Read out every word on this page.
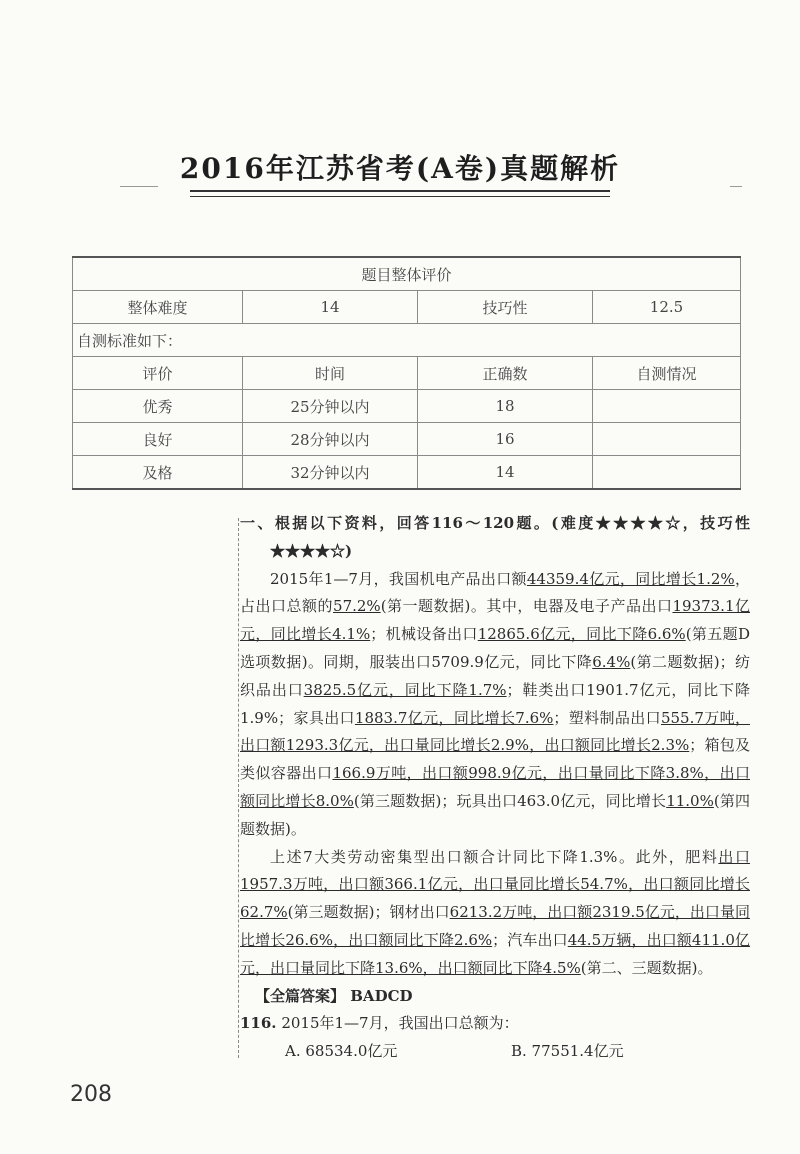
2016年江苏省考(A卷)真题解析
题目整体评价			
整体难度	14	技巧性	12.5
自测标准如下：			
评价	时间	正确数	自测情况
优秀	25分钟以内	18	
良好	28分钟以内	16	
及格	32分钟以内	14	

一、根据以下资料，回答116～120题。(难度★★★★☆，技巧性★★★★☆)

2015年1—7月，我国机电产品出口额44359.4亿元，同比增长1.2%，占出口总额的57.2%(第一题数据)。其中，电器及电子产品出口19373.1亿元，同比增长4.1%；机械设备出口12865.6亿元，同比下降6.6%(第五题D选项数据)。同期，服装出口5709.9亿元，同比下降6.4%(第二题数据)；纺织品出口3825.5亿元，同比下降1.7%；鞋类出口1901.7亿元，同比下降1.9%；家具出口1883.7亿元，同比增长7.6%；塑料制品出口555.7万吨，出口额1293.3亿元，出口量同比增长2.9%，出口额同比增长2.3%；箱包及类似容器出口166.9万吨，出口额998.9亿元，出口量同比下降3.8%，出口额同比增长8.0%(第三题数据)；玩具出口463.0亿元，同比增长11.0%(第四题数据)。

上述7大类劳动密集型出口额合计同比下降1.3%。此外，肥料出口1957.3万吨，出口额366.1亿元，出口量同比增长54.7%，出口额同比增长62.7%(第三题数据)；钢材出口6213.2万吨，出口额2319.5亿元，出口量同比增长26.6%，出口额同比下降2.6%；汽车出口44.5万辆，出口额411.0亿元，出口量同比下降13.6%，出口额同比下降4.5%(第二、三题数据)。

【全篇答案】 BADCD

116. 2015年1—7月，我国出口总额为：

A. 68534.0亿元	B. 77551.4亿元
208
